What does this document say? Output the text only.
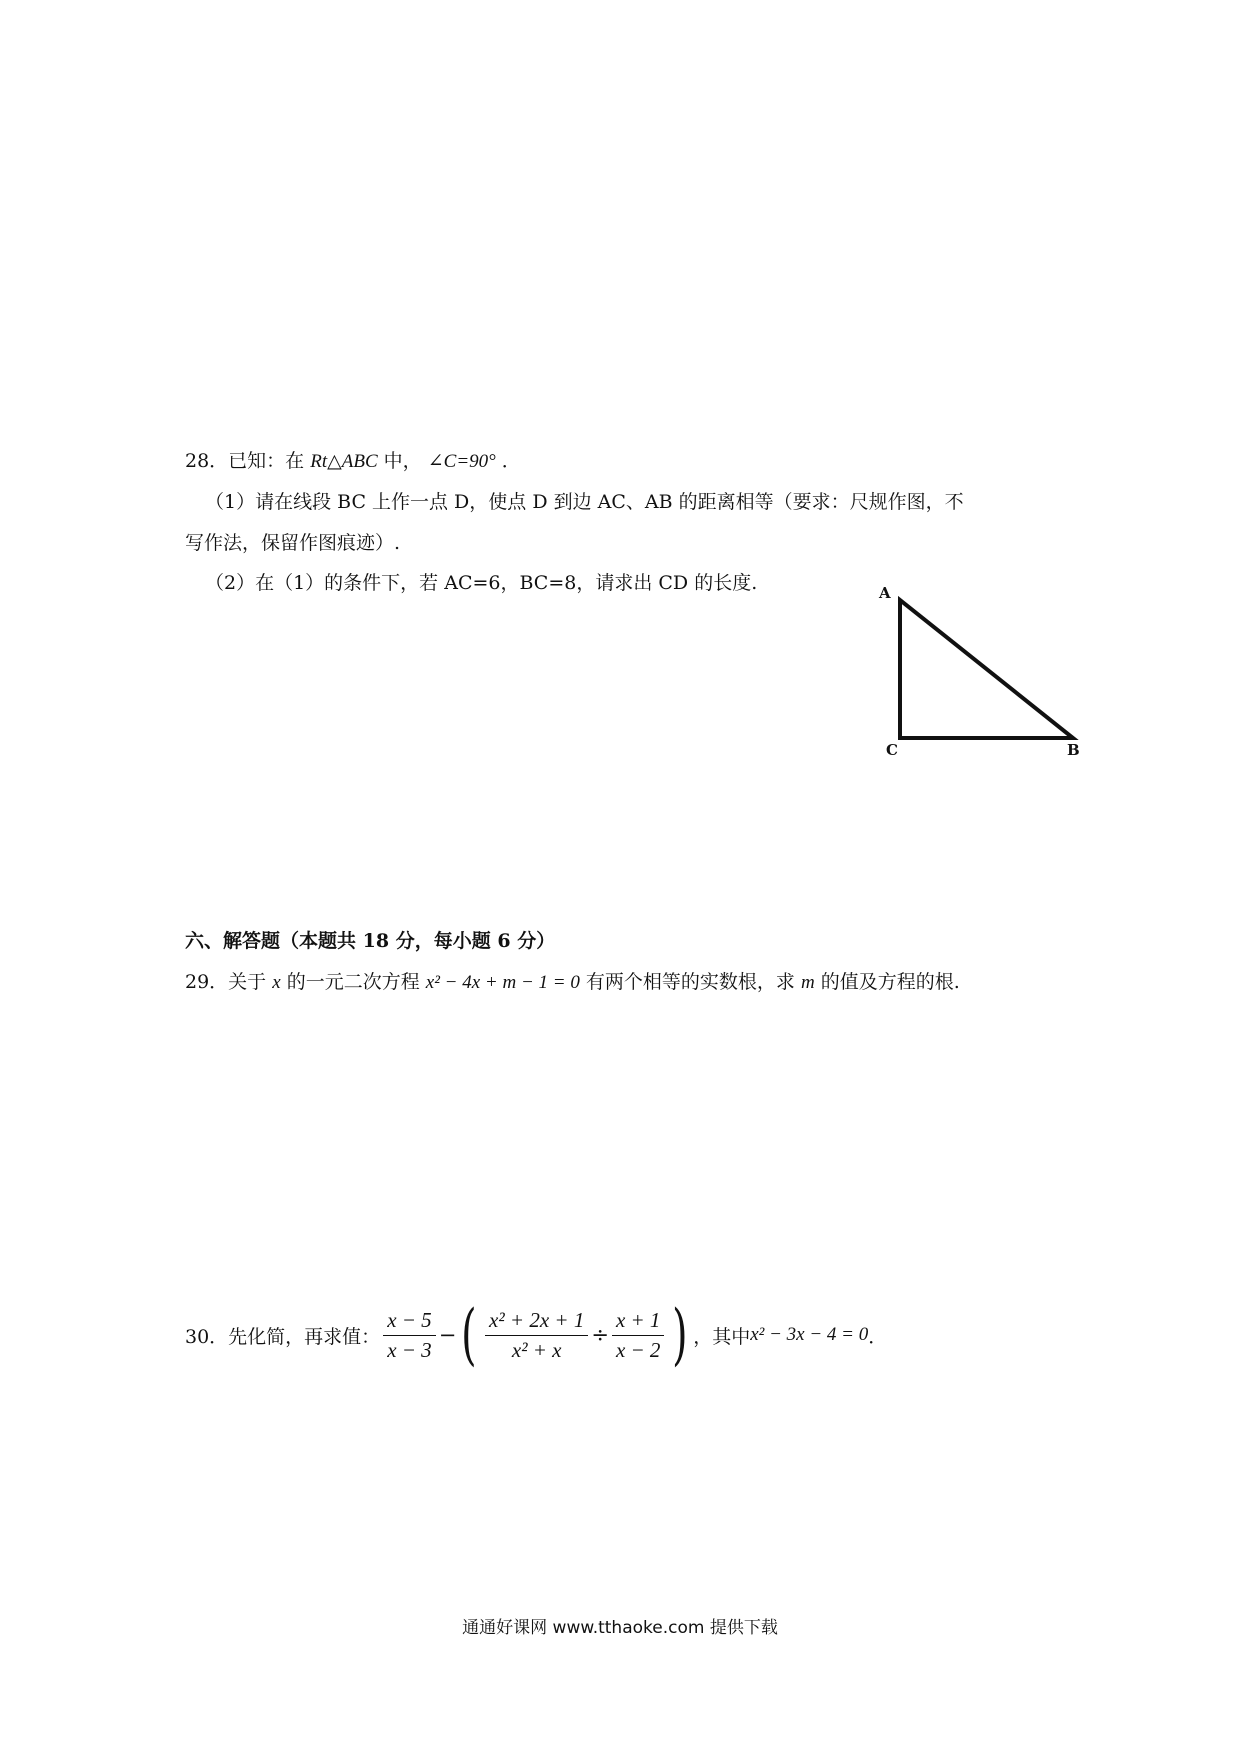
28．已知：在 Rt△ABC 中， ∠C=90° ．
（1）请在线段 BC 上作一点 D，使点 D 到边 AC、AB 的距离相等（要求：尺规作图，不
写作法，保留作图痕迹）.
（2）在（1）的条件下，若 AC=6，BC=8，请求出 CD 的长度.	A
C	B
六、解答题（本题共 18 分，每小题 6 分）
29．关于 x 的一元二次方程 x² − 4x + m − 1 = 0 有两个相等的实数根，求 m 的值及方程的根.
30．先化简，再求值： $\frac{x - 5}{x - 3}$ − ( $\frac{\text{x² + 2x + 1}}{\text{x² + x}} \div \frac{x + 1}{x - 2}$ ) ，其中 x² − 3x − 4 = 0 ．
通通好课网 www.tthaoke.com 提供下载
